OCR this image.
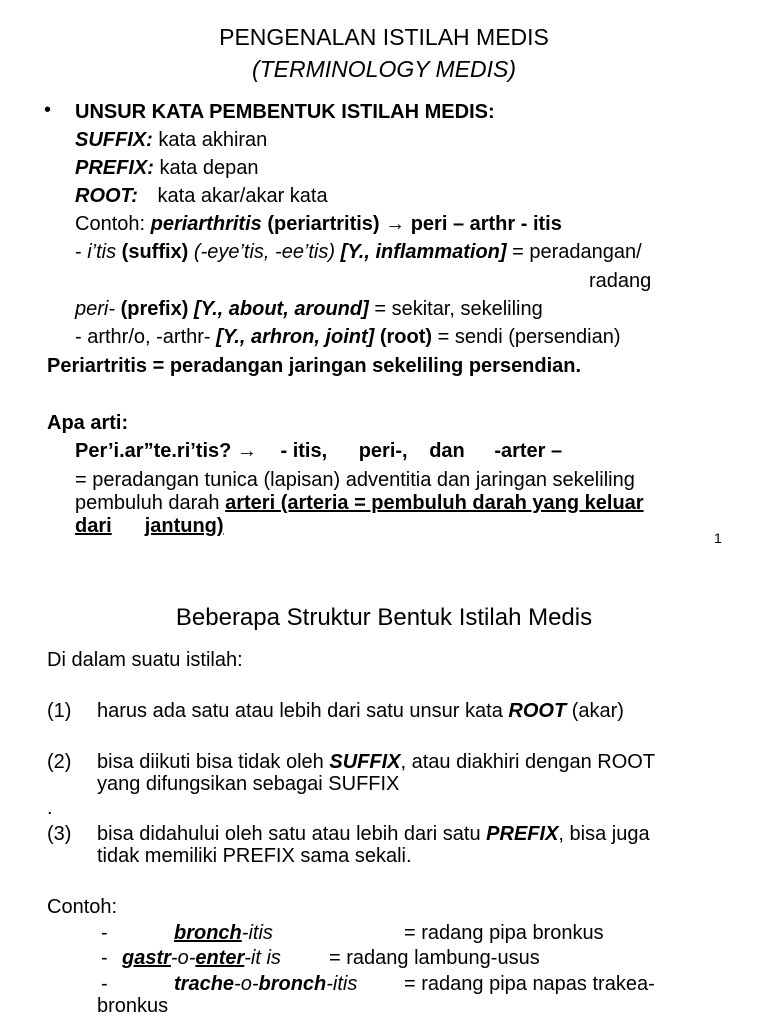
PENGENALAN ISTILAH MEDIS
(TERMINOLOGY MEDIS)
• UNSUR KATA PEMBENTUK ISTILAH MEDIS:
SUFFIX: kata akhiran
PREFIX: kata depan
ROOT: kata akar/akar kata
Contoh: periarthritis (periartritis) → peri – arthr - itis
- i’tis (suffix) (-eye’tis, -ee’tis) [Y., inflammation] = peradangan/
radang
peri- (prefix) [Y., about, around] = sekitar, sekeliling
- arthr/o, -arthr- [Y., arhron, joint] (root) = sendi (persendian)
Periartritis = peradangan jaringan sekeliling persendian.
Apa arti:
Per’i.ar”te.ri’tis? → - itis, peri-, dan -arter –
= peradangan tunica (lapisan) adventitia dan jaringan sekeliling
pembuluh darah arteri (arteria = pembuluh darah yang keluar
dari jantung)
1
Beberapa Struktur Bentuk Istilah Medis
Di dalam suatu istilah:
(1) harus ada satu atau lebih dari satu unsur kata ROOT (akar)
(2) bisa diikuti bisa tidak oleh SUFFIX, atau diakhiri dengan ROOT
yang difungsikan sebagai SUFFIX
.
(3) bisa didahului oleh satu atau lebih dari satu PREFIX, bisa juga
tidak memiliki PREFIX sama sekali.
Contoh:
-	bronch-itis	= radang pipa bronkus
- gastr-o-enter-it is = radang lambung-usus
-	trache-o-bronch-itis = radang pipa napas trakea-
bronkus
